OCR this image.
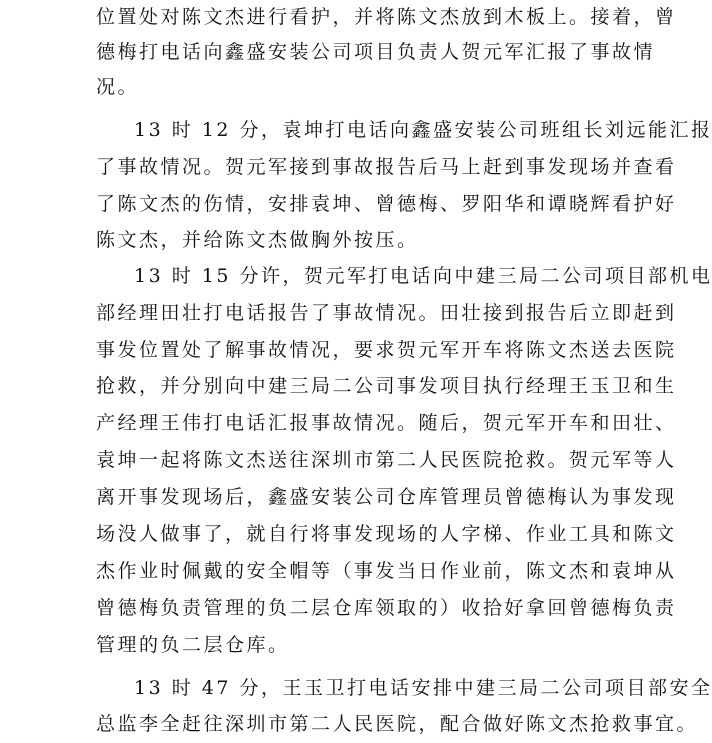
位置处对陈文杰进行看护，并将陈文杰放到木板上。接着，曾
德梅打电话向鑫盛安装公司项目负责人贺元军汇报了事故情
况。
13 时 12 分，袁坤打电话向鑫盛安装公司班组长刘远能汇报
了事故情况。贺元军接到事故报告后马上赶到事发现场并查看
了陈文杰的伤情，安排袁坤、曾德梅、罗阳华和谭晓辉看护好
陈文杰，并给陈文杰做胸外按压。
13 时 15 分许，贺元军打电话向中建三局二公司项目部机电
部经理田壮打电话报告了事故情况。田壮接到报告后立即赶到
事发位置处了解事故情况，要求贺元军开车将陈文杰送去医院
抢救，并分别向中建三局二公司事发项目执行经理王玉卫和生
产经理王伟打电话汇报事故情况。随后，贺元军开车和田壮、
袁坤一起将陈文杰送往深圳市第二人民医院抢救。贺元军等人
离开事发现场后，鑫盛安装公司仓库管理员曾德梅认为事发现
场没人做事了，就自行将事发现场的人字梯、作业工具和陈文
杰作业时佩戴的安全帽等（事发当日作业前，陈文杰和袁坤从
曾德梅负责管理的负二层仓库领取的）收拾好拿回曾德梅负责
管理的负二层仓库。
13 时 47 分，王玉卫打电话安排中建三局二公司项目部安全
总监李全赶往深圳市第二人民医院，配合做好陈文杰抢救事宜。
